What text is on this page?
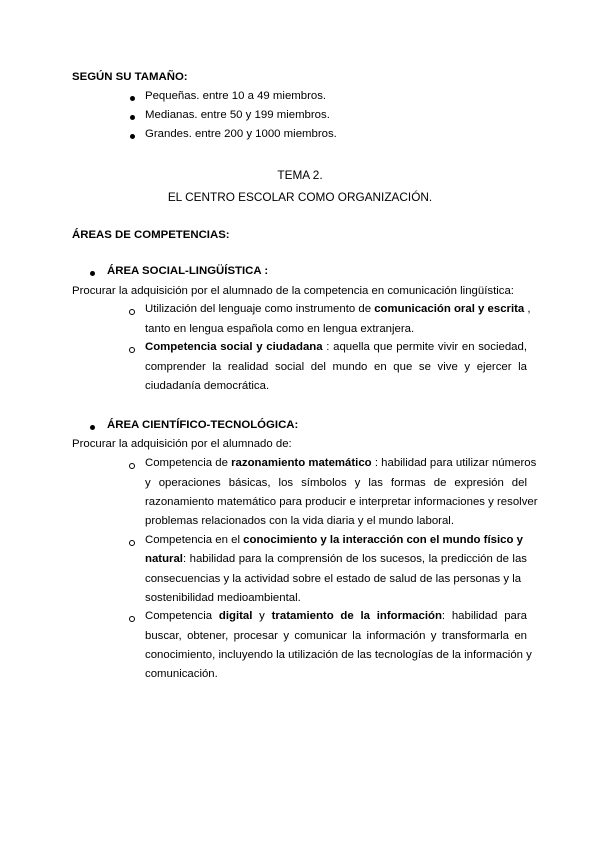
SEGÚN SU TAMAÑO:
Pequeñas. entre 10 a 49 miembros.
Medianas. entre 50 y 199 miembros.
Grandes. entre 200 y 1000 miembros.
TEMA 2.
EL CENTRO ESCOLAR COMO ORGANIZACIÓN.
ÁREAS DE COMPETENCIAS:
ÁREA SOCIAL-LINGÜÍSTICA :
Procurar la adquisición por el alumnado de la competencia en comunicación lingüística:
Utilización del lenguaje como instrumento de comunicación oral y escrita ,
tanto en lengua española como en lengua extranjera.
Competencia social y ciudadana : aquella que permite vivir en sociedad,
comprender la realidad social del mundo en que se vive y ejercer la
ciudadanía democrática.
ÁREA CIENTÍFICO-TECNOLÓGICA:
Procurar la adquisición por el alumnado de:
Competencia de razonamiento matemático : habilidad para utilizar números
y operaciones básicas, los símbolos y las formas de expresión del
razonamiento matemático para producir e interpretar informaciones y resolver
problemas relacionados con la vida diaria y el mundo laboral.
Competencia en el conocimiento y la interacción con el mundo físico y
natural: habilidad para la comprensión de los sucesos, la predicción de las
consecuencias y la actividad sobre el estado de salud de las personas y la
sostenibilidad medioambiental.
Competencia digital y tratamiento de la información: habilidad para
buscar, obtener, procesar y comunicar la información y transformarla en
conocimiento, incluyendo la utilización de las tecnologías de la información y
comunicación.
